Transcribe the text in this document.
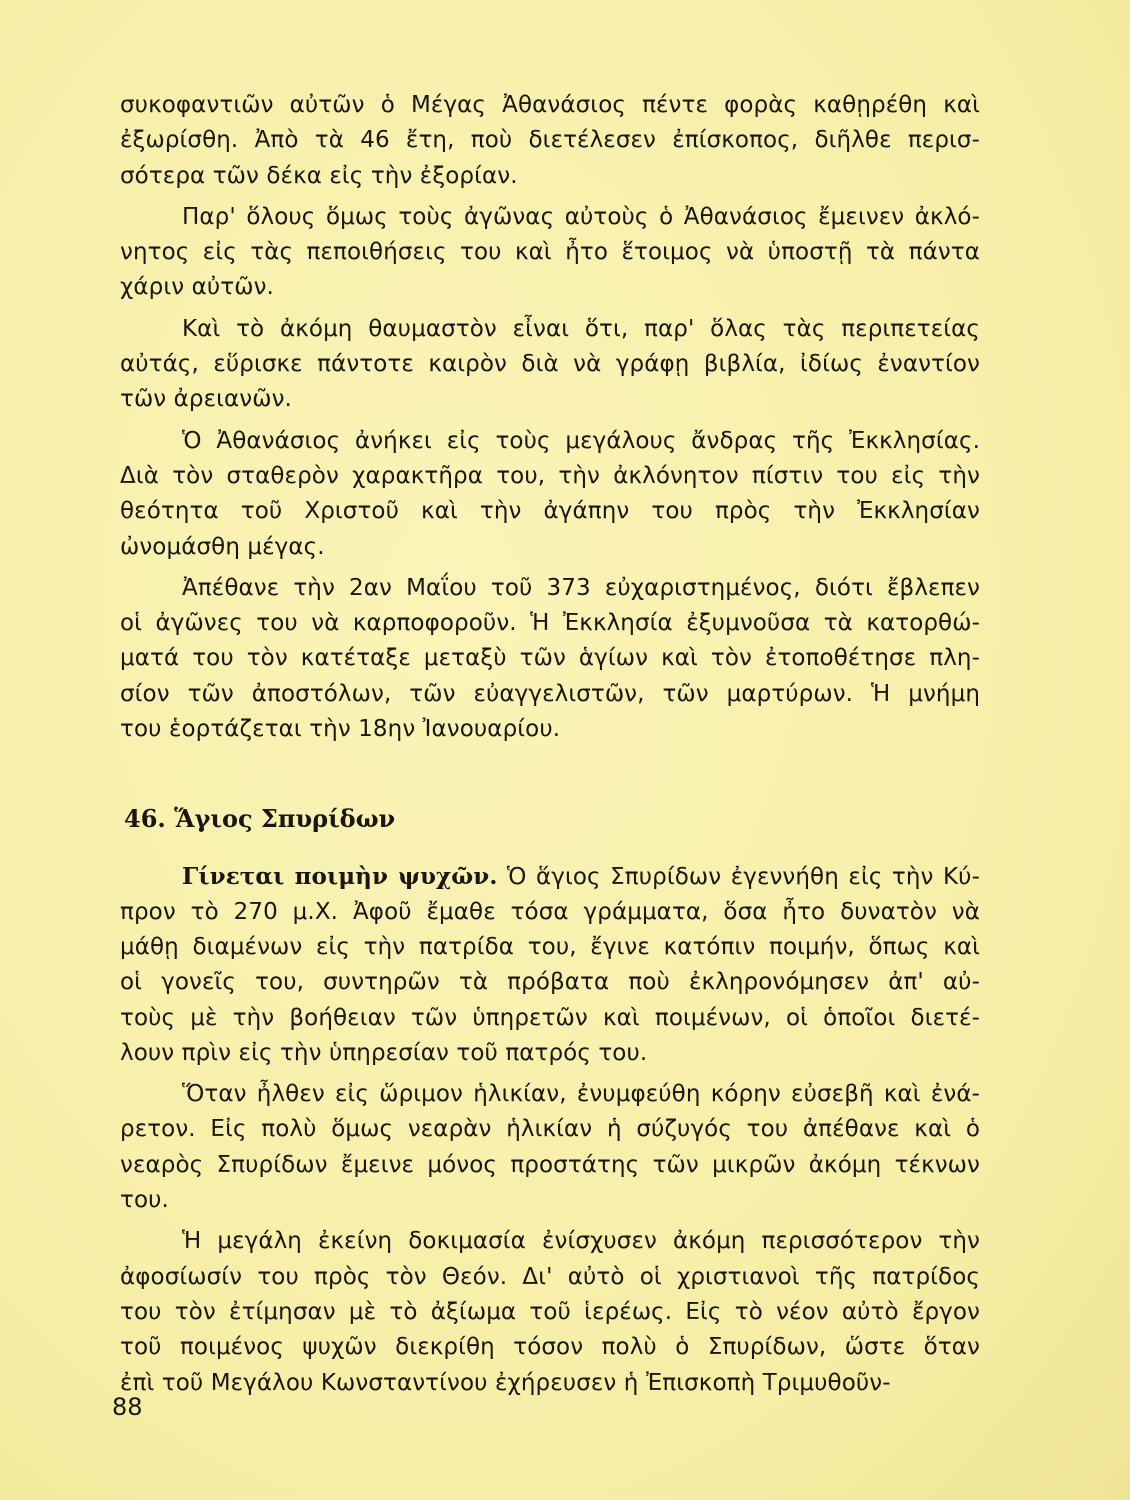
συκοφαντιῶν αὐτῶν ὁ Μέγας Ἀθανάσιος πέντε φορὰς καθῃρέθη καὶ
ἐξωρίσθη. Ἀπὸ τὰ 46 ἔτη, ποὺ διετέλεσεν ἐπίσκοπος, διῆλθε περισ-
σότερα τῶν δέκα εἰς τὴν ἐξορίαν.
Παρ' ὅλους ὅμως τοὺς ἀγῶνας αὐτοὺς ὁ Ἀθανάσιος ἔμεινεν ἀκλό-
νητος εἰς τὰς πεποιθήσεις του καὶ ἦτο ἕτοιμος νὰ ὑποστῇ τὰ πάντα
χάριν αὐτῶν.
Καὶ τὸ ἀκόμη θαυμαστὸν εἶναι ὅτι, παρ' ὅλας τὰς περιπετείας
αὐτάς, εὕρισκε πάντοτε καιρὸν διὰ νὰ γράφῃ βιβλία, ἰδίως ἐναντίον
τῶν ἀρειανῶν.
Ὁ Ἀθανάσιος ἀνήκει εἰς τοὺς μεγάλους ἄνδρας τῆς Ἐκκλησίας.
Διὰ τὸν σταθερὸν χαρακτῆρα του, τὴν ἀκλόνητον πίστιν του εἰς τὴν
θεότητα τοῦ Χριστοῦ καὶ τὴν ἀγάπην του πρὸς τὴν Ἐκκλησίαν
ὠνομάσθη μέγας.
Ἀπέθανε τὴν 2αν Μαΐου τοῦ 373 εὐχαριστημένος, διότι ἔβλεπεν
οἱ ἀγῶνες του νὰ καρποφοροῦν. Ἡ Ἐκκλησία ἐξυμνοῦσα τὰ κατορθώ-
ματά του τὸν κατέταξε μεταξὺ τῶν ἁγίων καὶ τὸν ἐτοποθέτησε πλη-
σίον τῶν ἀποστόλων, τῶν εὐαγγελιστῶν, τῶν μαρτύρων. Ἡ μνήμη
του ἑορτάζεται τὴν 18ην Ἰανουαρίου.
46. Ἅγιος Σπυρίδων
Γίνεται ποιμὴν ψυχῶν. Ὁ ἅγιος Σπυρίδων ἐγεννήθη εἰς τὴν Κύ-
προν τὸ 270 μ.Χ. Ἀφοῦ ἔμαθε τόσα γράμματα, ὅσα ἦτο δυνατὸν νὰ
μάθῃ διαμένων εἰς τὴν πατρίδα του, ἔγινε κατόπιν ποιμήν, ὅπως καὶ
οἱ γονεῖς του, συντηρῶν τὰ πρόβατα ποὺ ἐκληρονόμησεν ἀπ' αὐ-
τοὺς μὲ τὴν βοήθειαν τῶν ὑπηρετῶν καὶ ποιμένων, οἱ ὁποῖοι διετέ-
λουν πρὶν εἰς τὴν ὑπηρεσίαν τοῦ πατρός του.
Ὅταν ἦλθεν εἰς ὥριμον ἡλικίαν, ἐνυμφεύθη κόρην εὐσεβῆ καὶ ἐνά-
ρετον. Εἰς πολὺ ὅμως νεαρὰν ἡλικίαν ἡ σύζυγός του ἀπέθανε καὶ ὁ
νεαρὸς Σπυρίδων ἔμεινε μόνος προστάτης τῶν μικρῶν ἀκόμη τέκνων
του.
Ἡ μεγάλη ἐκείνη δοκιμασία ἐνίσχυσεν ἀκόμη περισσότερον τὴν
ἀφοσίωσίν του πρὸς τὸν Θεόν. Δι' αὐτὸ οἱ χριστιανοὶ τῆς πατρίδος
του τὸν ἐτίμησαν μὲ τὸ ἀξίωμα τοῦ ἱερέως. Εἰς τὸ νέον αὐτὸ ἔργον
τοῦ ποιμένος ψυχῶν διεκρίθη τόσον πολὺ ὁ Σπυρίδων, ὥστε ὅταν
ἐπὶ τοῦ Μεγάλου Κωνσταντίνου ἐχήρευσεν ἡ Ἐπισκοπὴ Τριμυθοῦν-
88
